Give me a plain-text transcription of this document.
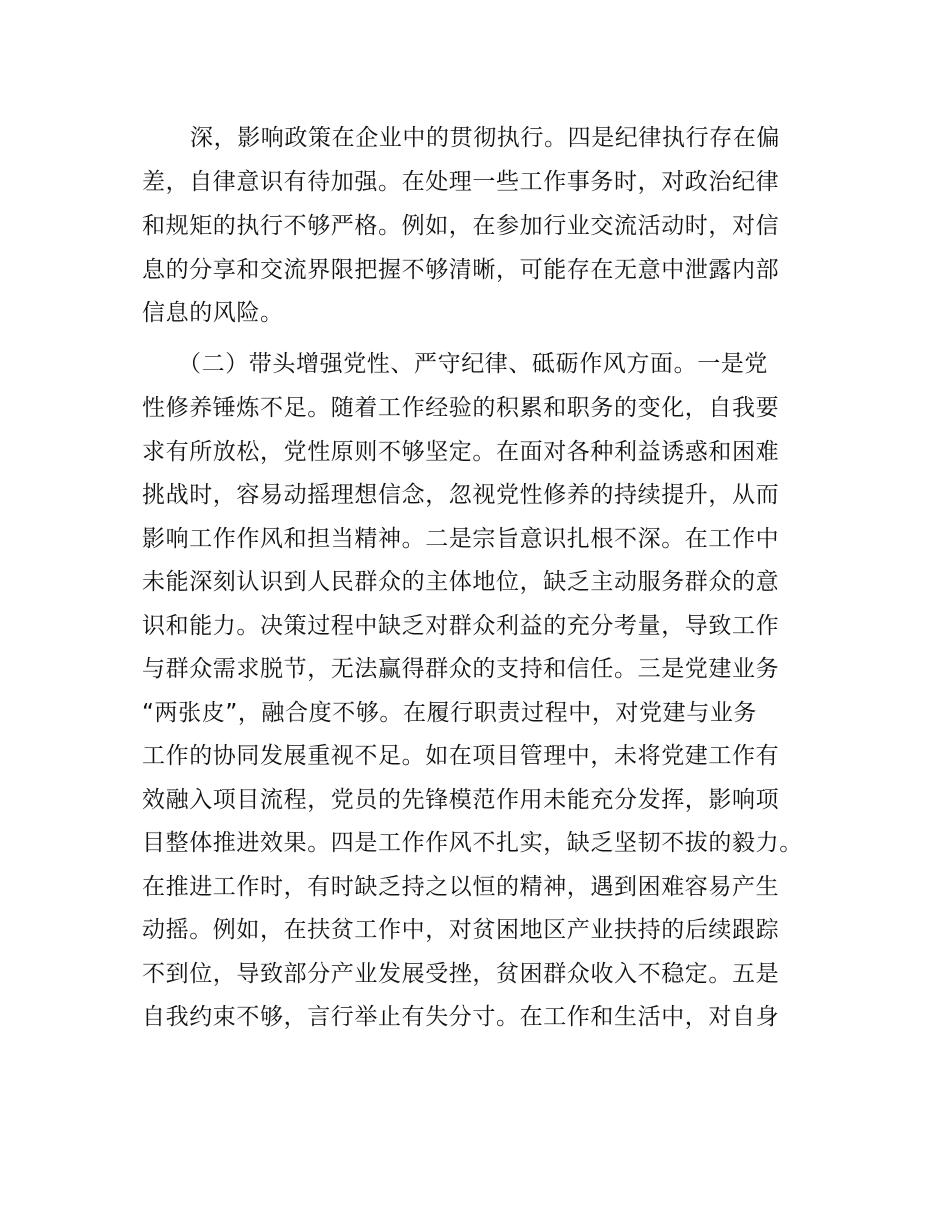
深，影响政策在企业中的贯彻执行。四是纪律执行存在偏
差，自律意识有待加强。在处理一些工作事务时，对政治纪律
和规矩的执行不够严格。例如，在参加行业交流活动时，对信
息的分享和交流界限把握不够清晰，可能存在无意中泄露内部
信息的风险。
（二）带头增强党性、严守纪律、砥砺作风方面。一是党
性修养锤炼不足。随着工作经验的积累和职务的变化，自我要
求有所放松，党性原则不够坚定。在面对各种利益诱惑和困难
挑战时，容易动摇理想信念，忽视党性修养的持续提升，从而
影响工作作风和担当精神。二是宗旨意识扎根不深。在工作中
未能深刻认识到人民群众的主体地位，缺乏主动服务群众的意
识和能力。决策过程中缺乏对群众利益的充分考量，导致工作
与群众需求脱节，无法赢得群众的支持和信任。三是党建业务
“两张皮”，融合度不够。在履行职责过程中，对党建与业务
工作的协同发展重视不足。如在项目管理中，未将党建工作有
效融入项目流程，党员的先锋模范作用未能充分发挥，影响项
目整体推进效果。四是工作作风不扎实，缺乏坚韧不拔的毅力。
在推进工作时，有时缺乏持之以恒的精神，遇到困难容易产生
动摇。例如，在扶贫工作中，对贫困地区产业扶持的后续跟踪
不到位，导致部分产业发展受挫，贫困群众收入不稳定。五是
自我约束不够，言行举止有失分寸。在工作和生活中，对自身
